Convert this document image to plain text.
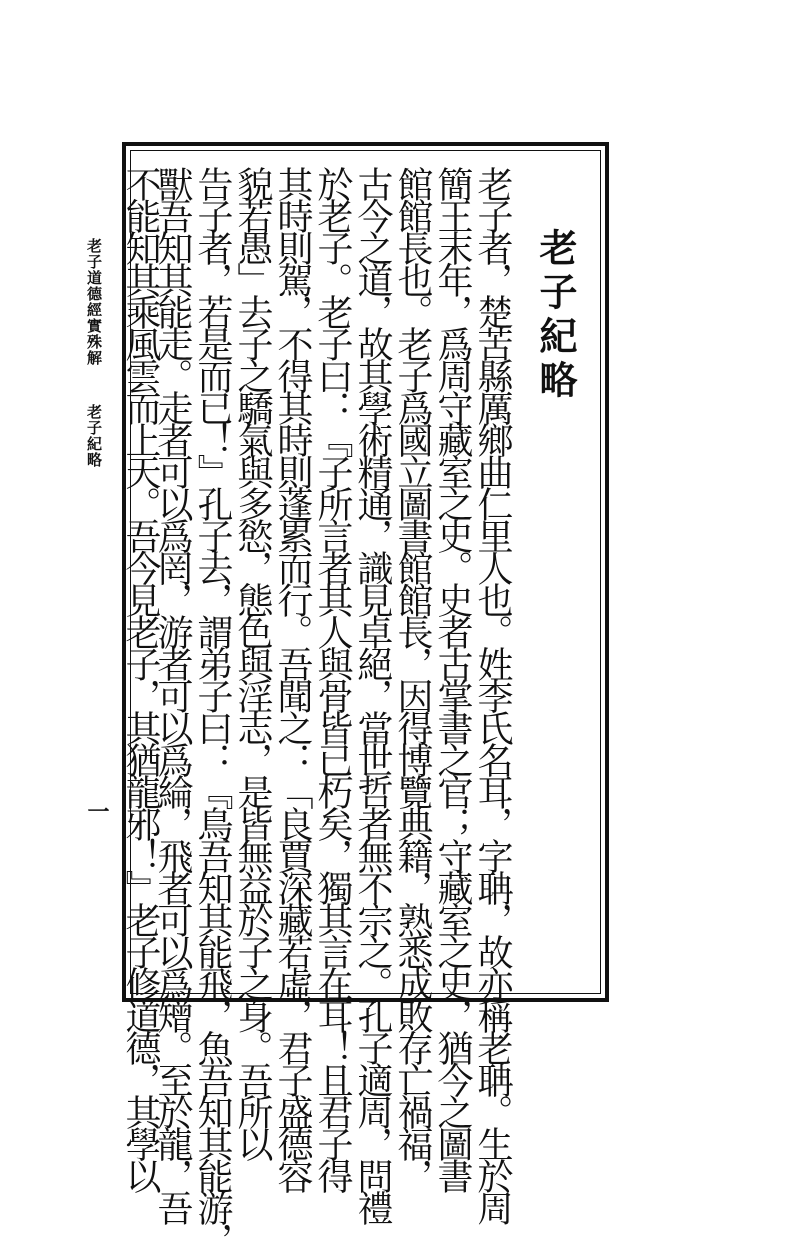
老子道德經實殊解
老子紀略
一
老子紀略
老子者，楚苦縣厲鄉曲仁里人也。姓李氏名耳，字聃，故亦稱老聃。生於周
簡王末年，爲周守藏室之史。史者古掌書之官；守藏室之史，猶今之圖書
館館長也。老子爲國立圖書館館長，因得博覽典籍，熟悉成敗存亡禍福，
古今之道，故其學術精通，識見卓絕，當世哲者無不宗之。孔子適周，問禮
於老子。老子曰：『子所言者其人與骨皆已朽矣，獨其言在耳！且君子得
其時則駕，不得其時則蓬累而行。吾聞之：「良賈深藏若虛，君子盛德容
貌若愚」去子之驕氣與多慾，態色與淫志，是皆無益於子之身。吾所以
告子者，若是而已！』孔子去，謂弟子曰：『鳥吾知其能飛，魚吾知其能游，
獸吾知其能走。走者可以爲罔，游者可以爲綸，飛者可以爲矰。至於龍，吾
不能知其乘風雲而上天。吾今見老子，其猶龍邪！』老子修道德，其學以
